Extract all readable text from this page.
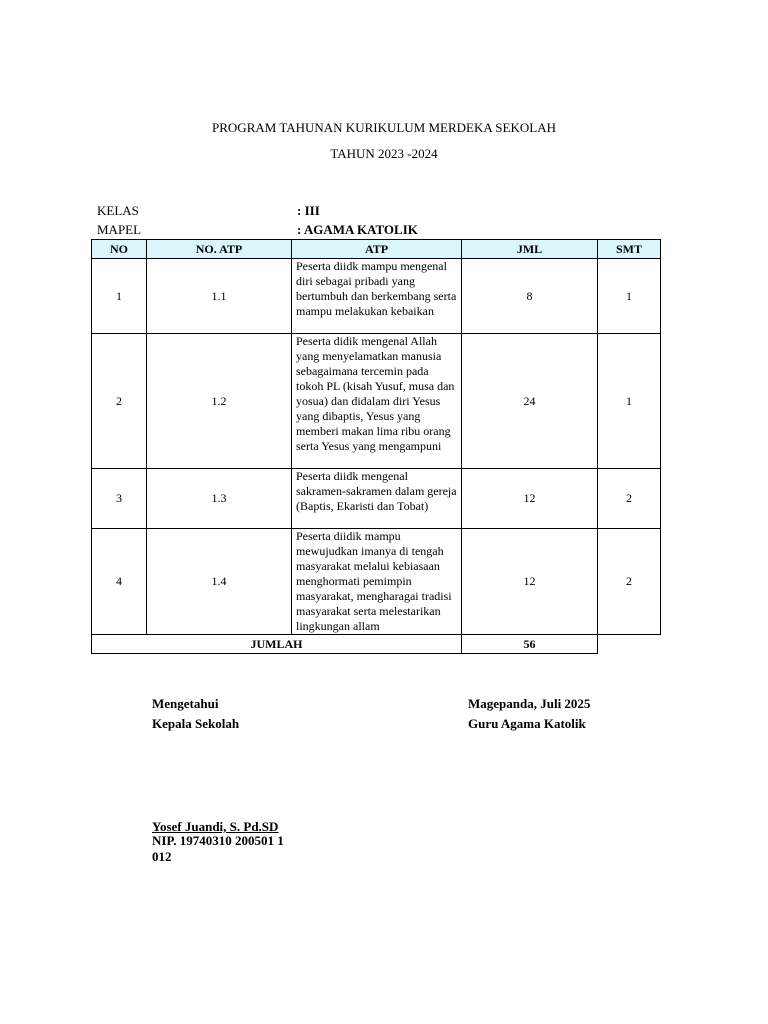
PROGRAM TAHUNAN KURIKULUM MERDEKA SEKOLAH
TAHUN 2023 -2024
KELAS	: III
MAPEL	: AGAMA KATOLIK
NO	NO. ATP	ATP	JML	SMT
1	1.1	Peserta diidk mampu mengenal diri sebagai pribadi yang bertumbuh dan berkembang serta mampu melakukan kebaikan	8	1
2	1.2	Peserta didik mengenal Allah yang menyelamatkan manusia sebagaimana tercemin pada tokoh PL (kisah Yusuf, musa dan yosua) dan didalam diri Yesus yang dibaptis, Yesus yang memberi makan lima ribu orang serta Yesus yang mengampuni	24	1
3	1.3	Peserta diidk mengenal sakramen-sakramen dalam gereja (Baptis, Ekaristi dan Tobat)	12	2
4	1.4	Peserta diidik mampu mewujudkan imanya di tengah masyarakat melalui kebiasaan menghormati pemimpin masyarakat, mengharagai tradisi masyarakat serta melestarikan lingkungan allam	12	2
JUMLAH			56	
Mengetahui
Kepala Sekolah
Magepanda, Juli 2025
Guru Agama Katolik
Yosef Juandi, S. Pd.SD
NIP. 19740310 200501 1 012
